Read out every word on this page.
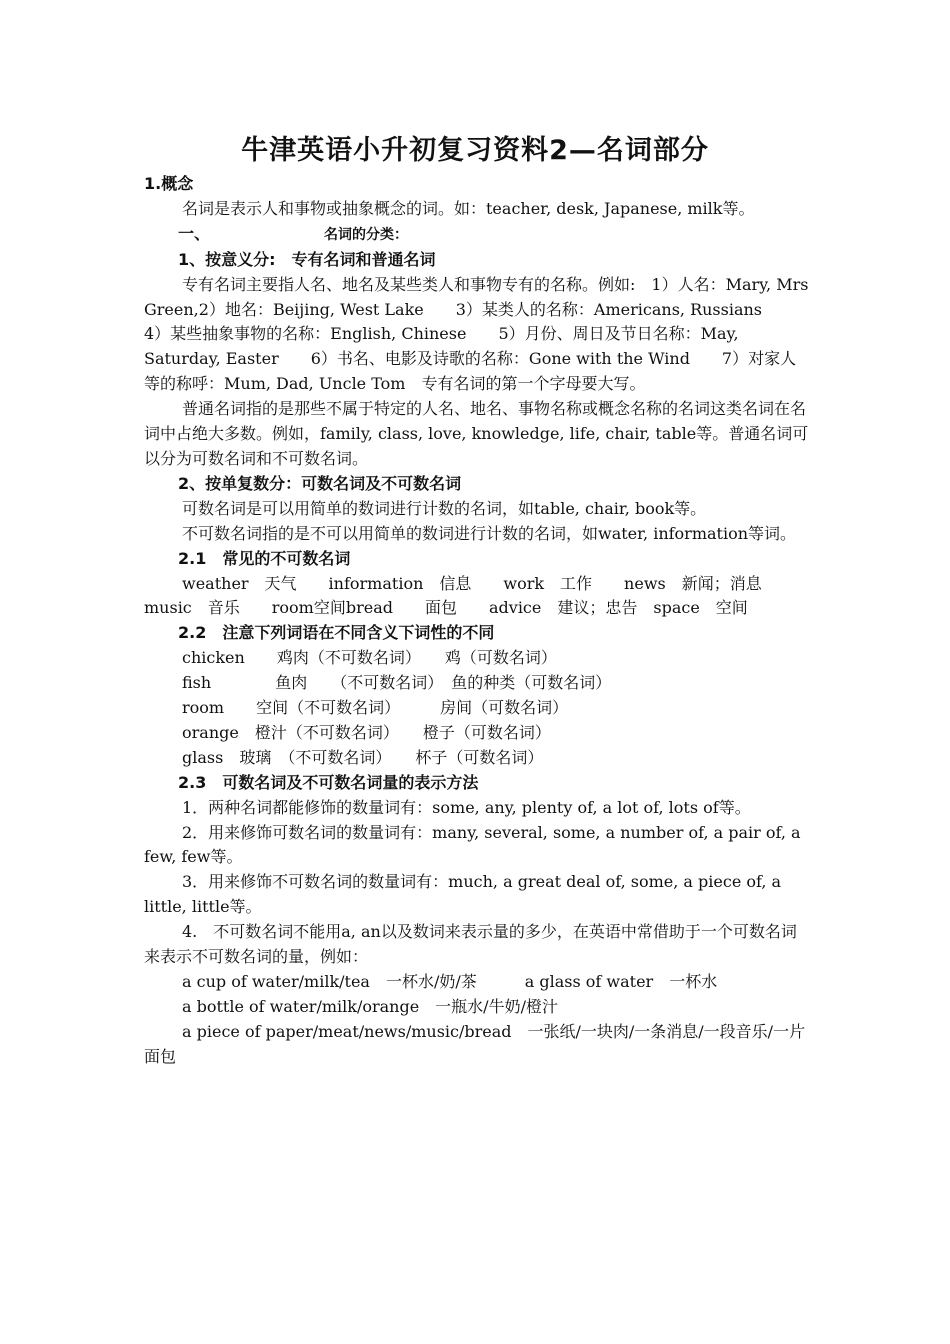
牛津英语小升初复习资料2—名词部分

1.概念

名词是表示人和事物或抽象概念的词。如：teacher, desk, Japanese, milk等。

一、	名词的分类：

1、按意义分:　专有名词和普通名词

专有名词主要指人名、地名及某些类人和事物专有的名称。例如:　1）人名：Mary, Mrs Green,2）地名：Beijing, West Lake　　3）某类人的名称：Americans, Russians　　4）某些抽象事物的名称：English, Chinese　　5）月份、周日及节日名称：May, Saturday, Easter　　6）书名、电影及诗歌的名称：Gone with the Wind　　7）对家人等的称呼：Mum, Dad, Uncle Tom　专有名词的第一个字母要大写。

普通名词指的是那些不属于特定的人名、地名、事物名称或概念名称的名词这类名词在名词中占绝大多数。例如，family, class, love, knowledge, life, chair, table等。普通名词可以分为可数名词和不可数名词。

2、按单复数分：可数名词及不可数名词

可数名词是可以用简单的数词进行计数的名词，如table, chair, book等。

不可数名词指的是不可以用简单的数词进行计数的名词，如water, information等词。

2.1　常见的不可数名词

weather　天气　　information　信息　　work　工作　　news　新闻；消息　　music　音乐　　room空间bread　　面包　　advice　建议；忠告　space　空间

2.2　注意下列词语在不同含义下词性的不同

chicken　　鸡肉（不可数名词）　　鸡（可数名词）

fish　　　　鱼肉　　（不可数名词）　鱼的种类（可数名词）

room　　空间（不可数名词）　　　房间（可数名词）

orange　橙汁（不可数名词）　　橙子（可数名词）

glass　玻璃　（不可数名词）　　杯子（可数名词）

2.3　可数名词及不可数名词量的表示方法

1．两种名词都能修饰的数量词有：some, any, plenty of, a lot of, lots of等。

2．用来修饰可数名词的数量词有：many, several, some, a number of, a pair of, a few, few等。

3．用来修饰不可数名词的数量词有：much, a great deal of, some, a piece of, a little, little等。

4.　不可数名词不能用a, an以及数词来表示量的多少，在英语中常借助于一个可数名词来表示不可数名词的量，例如：

a cup of water/milk/tea　一杯水/奶/茶　　　a glass of water　一杯水

a bottle of water/milk/orange　一瓶水/牛奶/橙汁

a piece of paper/meat/news/music/bread　一张纸/一块肉/一条消息/一段音乐/一片面包
